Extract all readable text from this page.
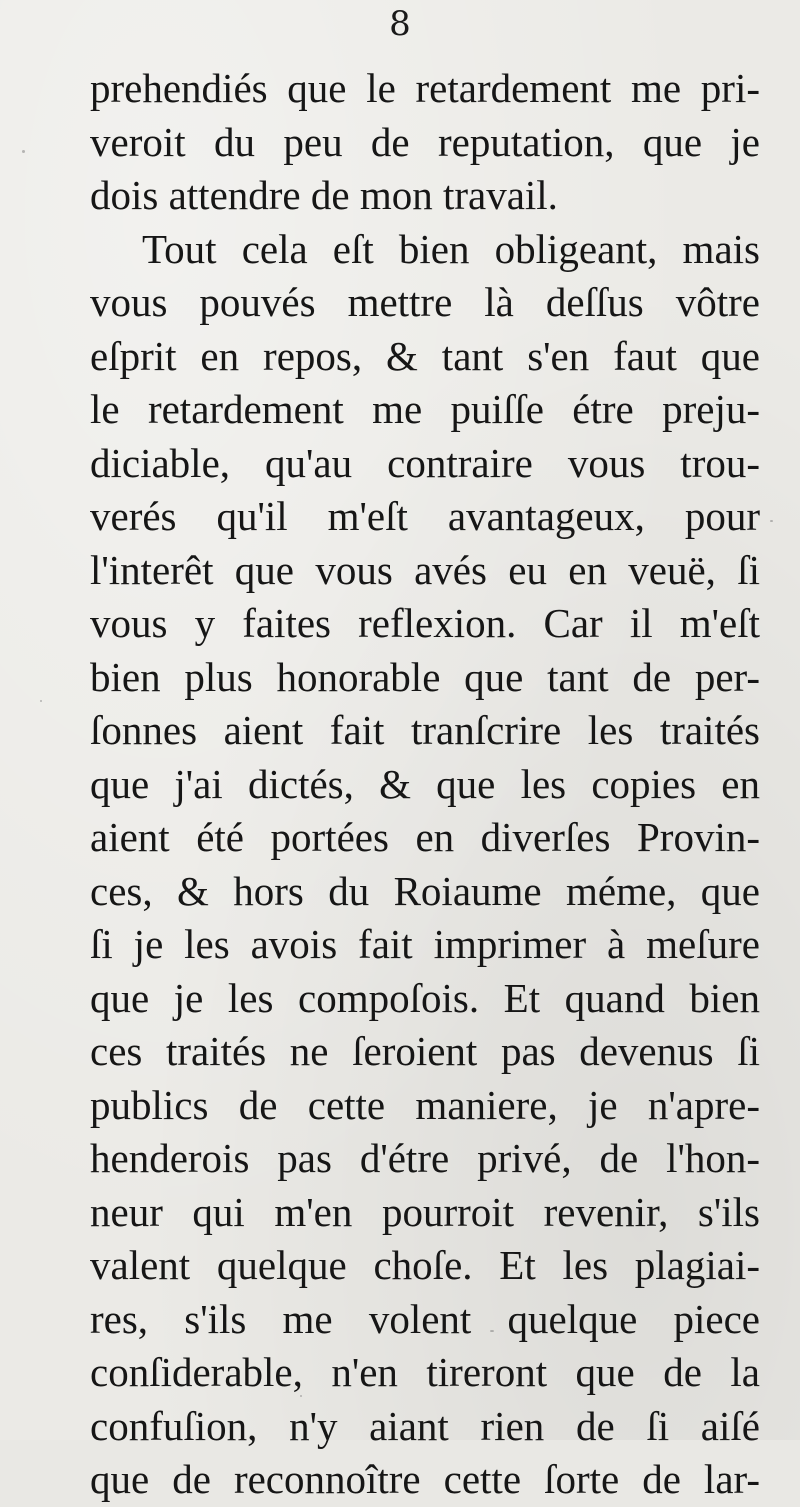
8
prehendiés que le retardement me pri-
veroit du peu de reputation, que je
dois attendre de mon travail.
Tout cela eſt bien obligeant, mais
vous pouvés mettre là deſſus vôtre
eſprit en repos, & tant s'en faut que
le retardement me puiſſe étre preju-
diciable, qu'au contraire vous trou-
verés qu'il m'eſt avantageux, pour
l'interêt que vous avés eu en veuë, ſi
vous y faites reflexion. Car il m'eſt
bien plus honorable que tant de per-
ſonnes aient fait tranſcrire les traités
que j'ai dictés, & que les copies en
aient été portées en diverſes Provin-
ces, & hors du Roiaume méme, que
ſi je les avois fait imprimer à meſure
que je les compoſois. Et quand bien
ces traités ne ſeroient pas devenus ſi
publics de cette maniere, je n'apre-
henderois pas d'étre privé, de l'hon-
neur qui m'en pourroit revenir, s'ils
valent quelque choſe. Et les plagiai-
res, s'ils me volent quelque piece
conſiderable, n'en tireront que de la
confuſion, n'y aiant rien de ſi aiſé
que de reconnoître cette ſorte de lar-
